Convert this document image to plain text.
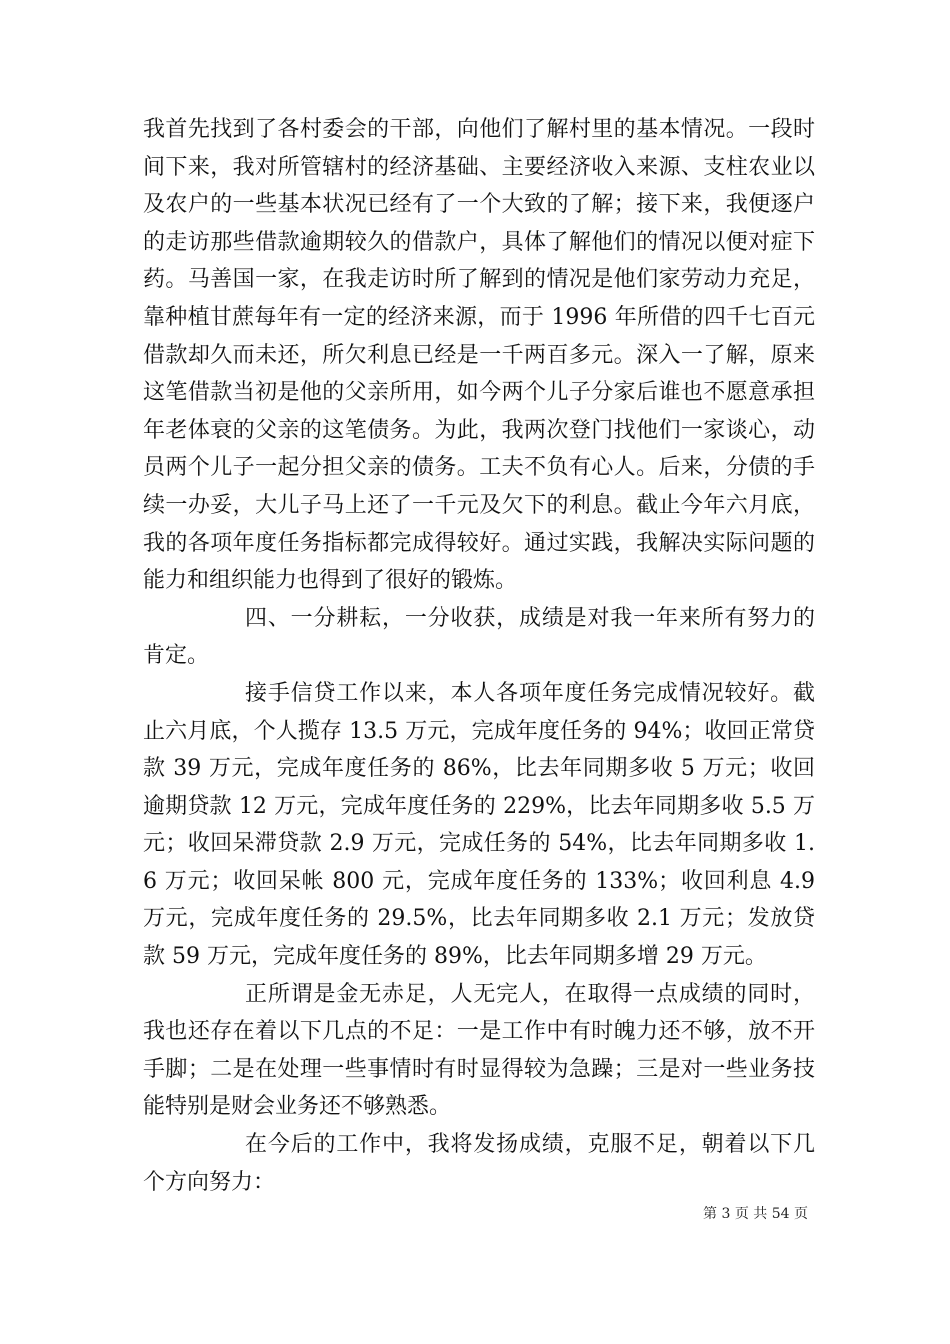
我首先找到了各村委会的干部，向他们了解村里的基本情况。一段时间下来，我对所管辖村的经济基础、主要经济收入来源、支柱农业以及农户的一些基本状况已经有了一个大致的了解；接下来，我便逐户的走访那些借款逾期较久的借款户，具体了解他们的情况以便对症下药。马善国一家，在我走访时所了解到的情况是他们家劳动力充足，靠种植甘蔗每年有一定的经济来源，而于 1996 年所借的四千七百元借款却久而未还，所欠利息已经是一千两百多元。深入一了解，原来这笔借款当初是他的父亲所用，如今两个儿子分家后谁也不愿意承担年老体衰的父亲的这笔债务。为此，我两次登门找他们一家谈心，动员两个儿子一起分担父亲的债务。工夫不负有心人。后来，分债的手续一办妥，大儿子马上还了一千元及欠下的利息。截止今年六月底，我的各项年度任务指标都完成得较好。通过实践，我解决实际问题的能力和组织能力也得到了很好的锻炼。

四、一分耕耘，一分收获，成绩是对我一年来所有努力的肯定。

接手信贷工作以来，本人各项年度任务完成情况较好。截止六月底，个人揽存 13.5 万元，完成年度任务的 94%；收回正常贷款 39 万元，完成年度任务的 86%，比去年同期多收 5 万元；收回逾期贷款 12 万元，完成年度任务的 229%，比去年同期多收 5.5 万元；收回呆滞贷款 2.9 万元，完成任务的 54%，比去年同期多收 1.6 万元；收回呆帐 800 元，完成年度任务的 133%；收回利息 4.9 万元，完成年度任务的 29.5%，比去年同期多收 2.1 万元；发放贷款 59 万元，完成年度任务的 89%，比去年同期多增 29 万元。

正所谓是金无赤足，人无完人，在取得一点成绩的同时，我也还存在着以下几点的不足：一是工作中有时魄力还不够，放不开手脚；二是在处理一些事情时有时显得较为急躁；三是对一些业务技能特别是财会业务还不够熟悉。

在今后的工作中，我将发扬成绩，克服不足，朝着以下几个方向努力：

第 3 页 共 54 页
